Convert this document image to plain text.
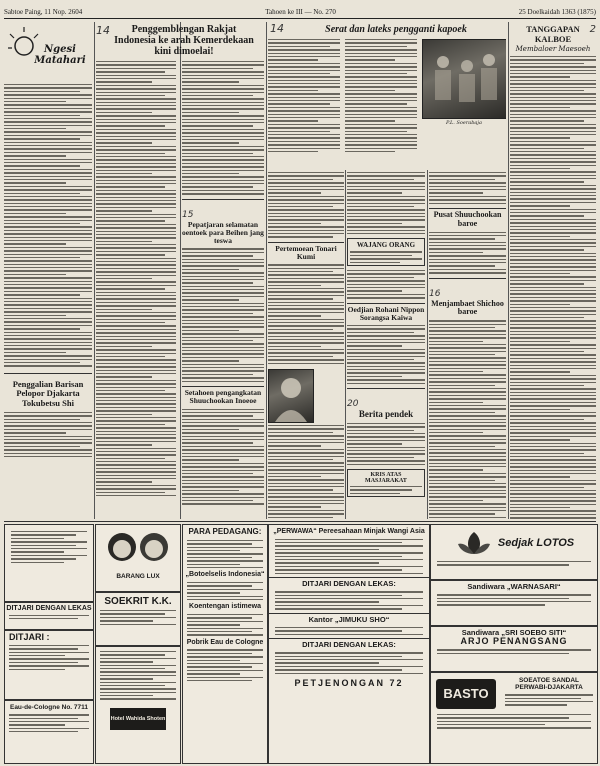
Sabtoe Paing, 11 Nop. 2604	Tahoen ke III — No. 270	25 Doelkaidah 1363 (1875)
Ngesi Matahari

Penggalian Barisan Pelopor Djakarta Tokubetsu Shi

14	Penggemblengan Rakjat Indonesia ke arah Kemerdekaan kini dimoelai!

15

Pepatjaran selamatan oentoek para Beihen jang teswa

Setahoen pengangkatan Shuuchookan Inoeoe

14	Serat dan lateks pengganti kapoek

P.L. Soerabaja

Pertemoean Tonari Kumi

WAJANG ORANG

Oedjian Rohani Nippon Sorangsa Kaiwa

20

Berita pendek

KRIS ATAS MASJARAKAT

Pusat Shuuchookan baroe

16

Menjambaet Shichoo baroe

2
TANGGAPAN KALBOE
Membaloer Maesoeh

DITJARI DENGAN LEKAS

DITJARI :

Eau-de-Cologne No. 7711

BARANG LUX

SOEKRIT K.K.

Hotel Wahida Shoten

PARA PEDAGANG:

„Botoelselis Indonesia“

Koentengan istimewa

Pobrik Eau de Cologne

„PERWAWA“ Pereesahaan Minjak Wangi Asia

DITJARI DENGAN LEKAS:

Kantor „JIMUKU SHO“

DITJARI DENGAN LEKAS:

PETJENONGAN 72

Sedjak LOTOS

Sandiwara „WARNASARI“

Sandiwara „SRI SOEBO SITI“

ARJO PENANGSANG

BASTO

SOEATOE SANDAL PERWABI-DJAKARTA
